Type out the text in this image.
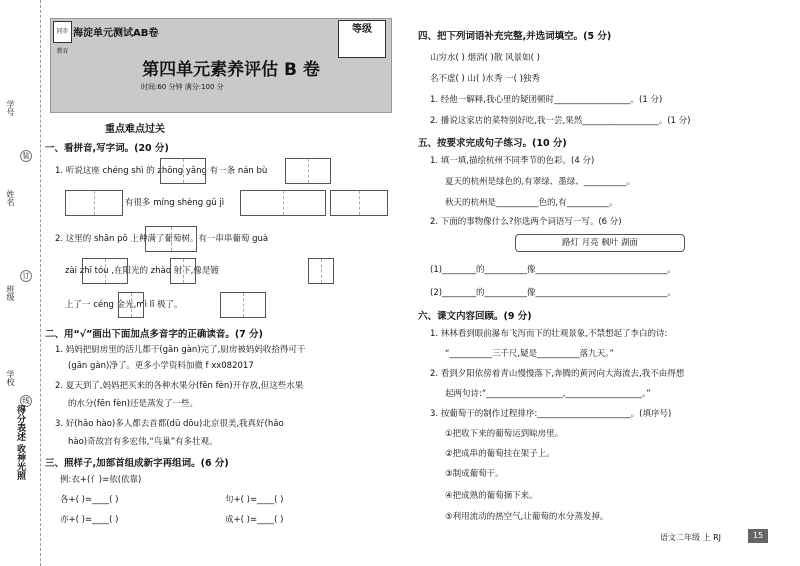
学号
姓名
班级
学校
装
订
线
得分表述 收神光照
同步教育
海淀单元测试AB卷
第四单元素养评估 B 卷
时间:60 分钟 满分:100 分
等级
重点难点过关
一、看拼音,写字词。(20 分)
1. 听说这座 chéng shì 的 zhōng yǎng 有一条 nán bù
有很多 míng shèng gǔ jì
2. 这里的 shān pō 上种满了葡萄树。有一串串葡萄 guà
zài zhī tóu ,在阳光的 zhào 射下,像是镀
上了一 céng 金光,mì lǐ 极了。
二、用“√”画出下面加点多音字的正确读音。(7 分)
1. 妈妈把厨房里的活儿都干(gān gàn)完了,厨房被妈妈收拾得可干
(gān gàn)净了。更多小学资料加微 f xx082017
2. 夏天到了,妈妈把买来的各种水果分(fēn fèn)开存放,但这些水果
的水分(fēn fèn)还是蒸发了一些。
3. 好(hǎo hào)多人都去首都(dū dōu)北京很美,我真好(hǎo
hào)奇故宫有多宏伟,“鸟巢”有多壮观。
三、照样子,加部首组成新字再组词。(6 分)
例:衣+(亻)=依(依靠)
各+( )=____( )	句+( )=____( )
亦+( )=____( )	成+( )=____( )
四、把下列词语补充完整,并选词填空。(5 分)
山穷水( ) 烟消( )散 风景如( )
名不虚( ) 山( )水秀 一( )独秀
1. 经他一解释,我心里的疑团顿时__________________。(1 分)
2. 播说这家店的菜特别好吃,我一尝,果然__________________。(1 分)
五、按要求完成句子练习。(10 分)
1. 填一填,描绘杭州不同季节的色彩。(4 分)
夏天的杭州是绿色的,有翠绿、墨绿、__________。
秋天的杭州是__________色的,有__________。
2. 下面的事物像什么?你选两个词语写一写。(6 分)
路灯 月亮 枫叶 湖面
(1)________的__________像_______________________________。
(2)________的__________像_______________________________。
六、课文内容回顾。(9 分)
1. 林林看到眼前瀑布飞泻而下的壮观景象,不禁想起了李白的诗:
“__________三千尺,疑是__________落九天。”
2. 看到夕阳依傍着青山慢慢落下,奔腾的黄河向大海流去,我不由得想
起两句诗:“__________________,__________________。”
3. 按葡萄干的制作过程排序:______________________。(填序号)
①把收下来的葡萄运到晾房里。
②把成串的葡萄挂在架子上。
③制成葡萄干。
④把成熟的葡萄摘下来。
⑤利用流动的热空气,让葡萄的水分蒸发掉。
语文二年级 上 RJ	15
